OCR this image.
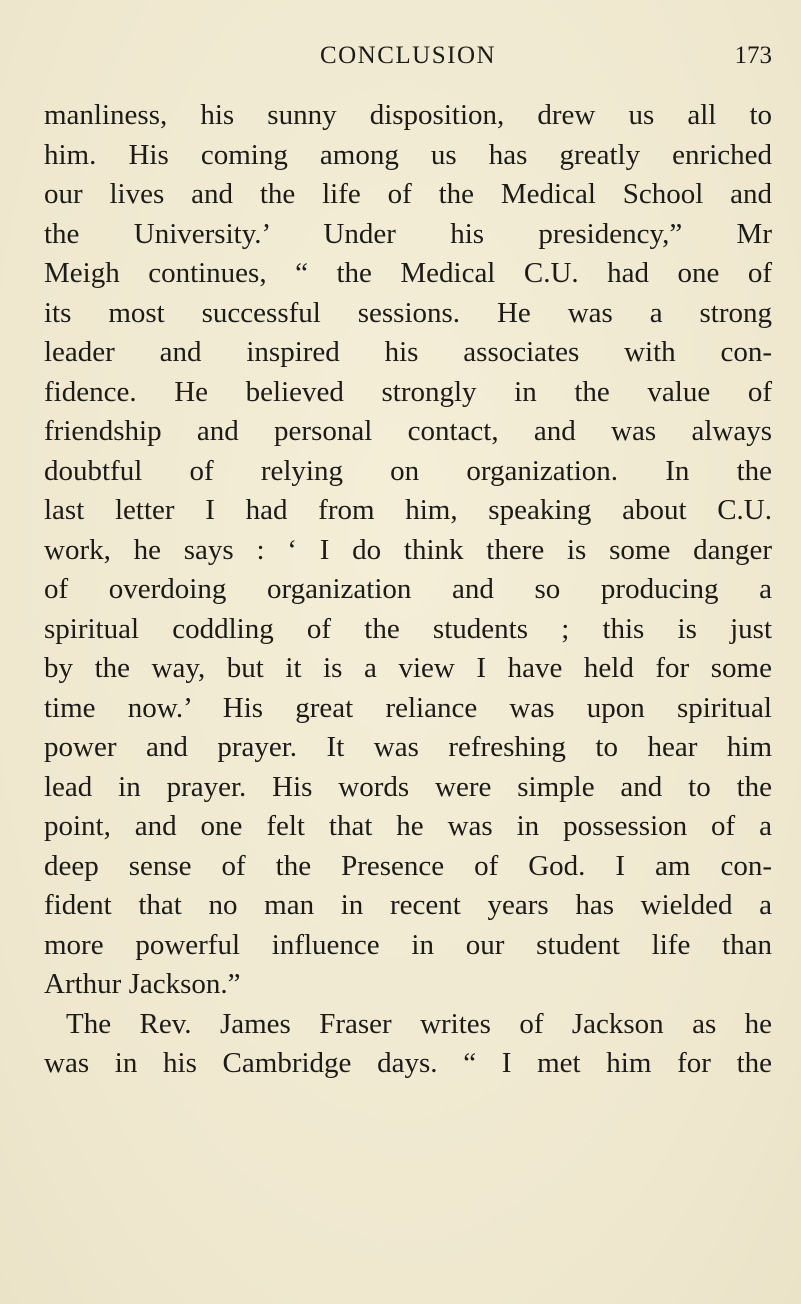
CONCLUSION	173
manliness, his sunny disposition, drew us all to
him. His coming among us has greatly enriched
our lives and the life of the Medical School and
the University.’ Under his presidency,” Mr
Meigh continues, “ the Medical C.U. had one of
its most successful sessions. He was a strong
leader and inspired his associates with con-
fidence. He believed strongly in the value of
friendship and personal contact, and was always
doubtful of relying on organization. In the
last letter I had from him, speaking about C.U.
work, he says : ‘ I do think there is some danger
of overdoing organization and so producing a
spiritual coddling of the students ; this is just
by the way, but it is a view I have held for some
time now.’ His great reliance was upon spiritual
power and prayer. It was refreshing to hear him
lead in prayer. His words were simple and to the
point, and one felt that he was in possession of a
deep sense of the Presence of God. I am con-
fident that no man in recent years has wielded a
more powerful influence in our student life than
Arthur Jackson.”
The Rev. James Fraser writes of Jackson as he
was in his Cambridge days. “ I met him for the
